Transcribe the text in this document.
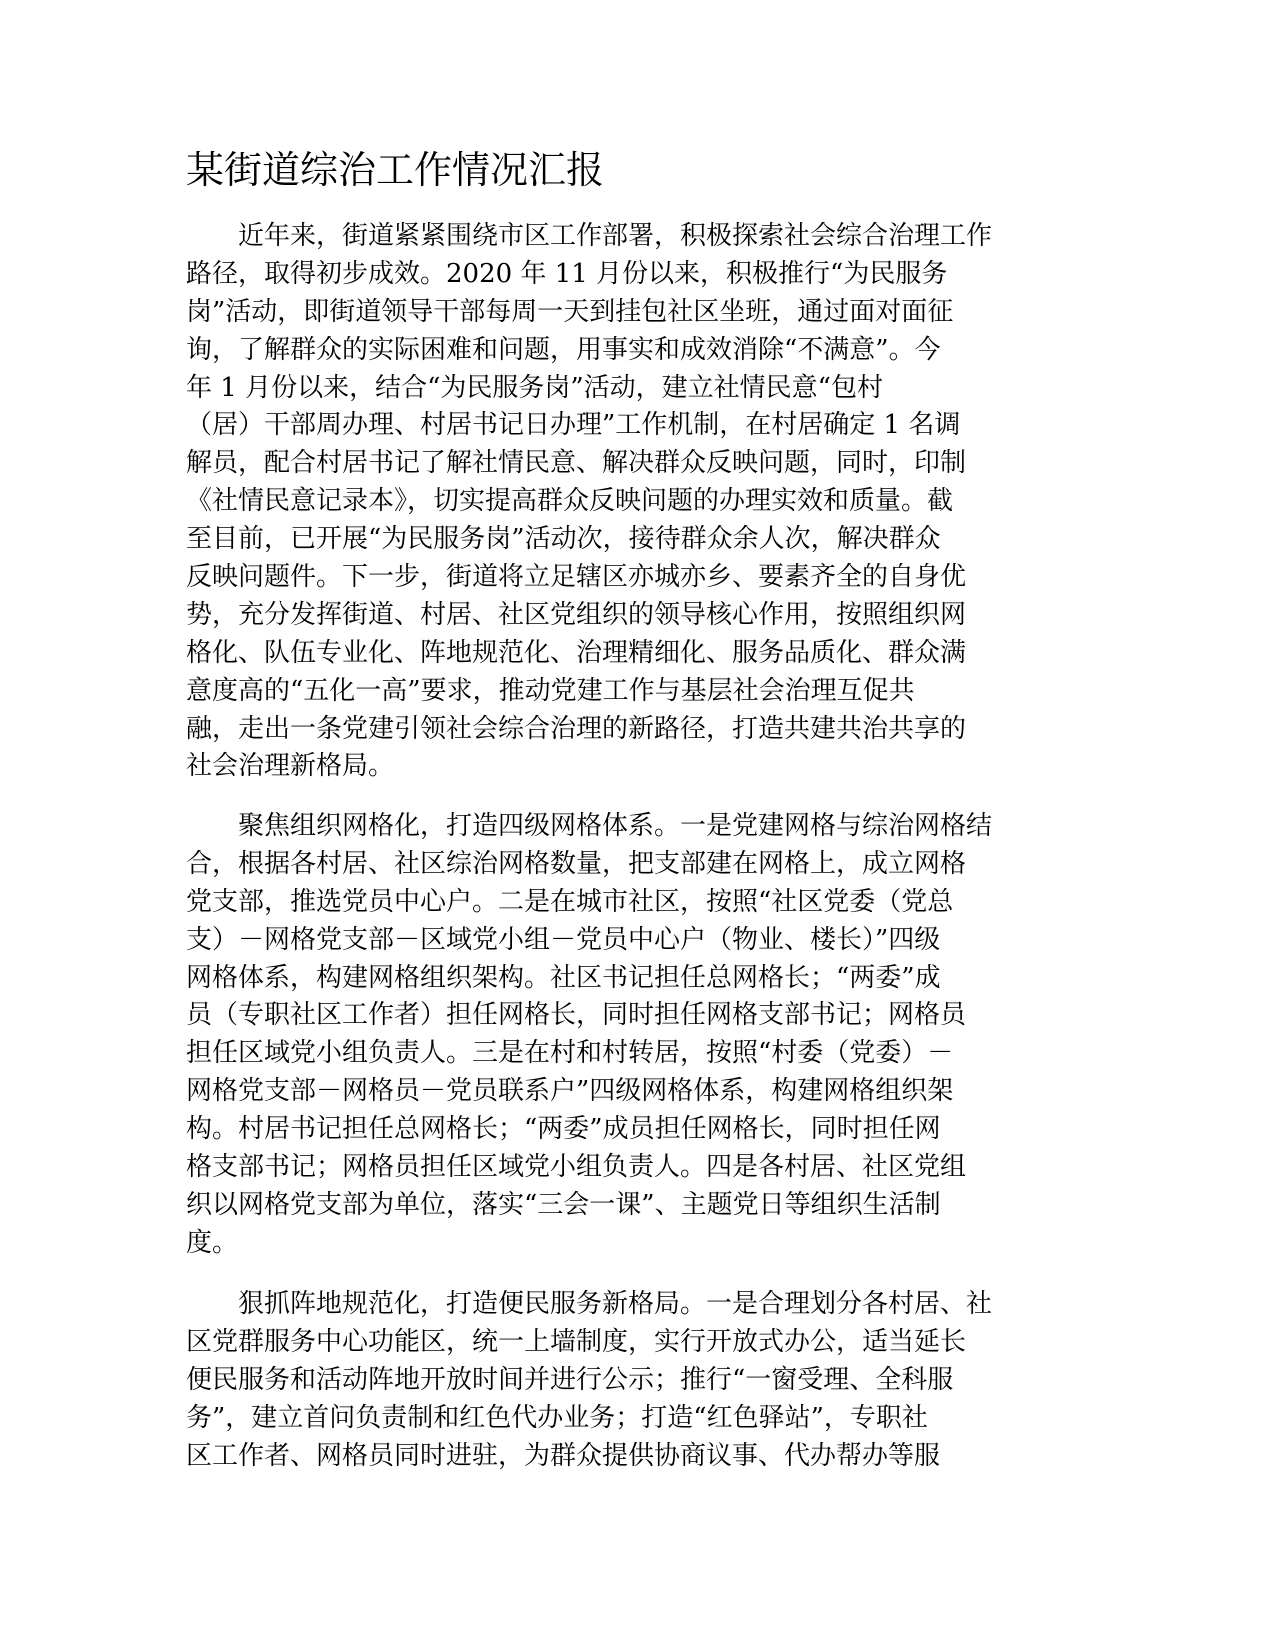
某街道综治工作情况汇报
　　近年来，街道紧紧围绕市区工作部署，积极探索社会综合治理工作
路径，取得初步成效。2020 年 11 月份以来，积极推行“为民服务
岗”活动，即街道领导干部每周一天到挂包社区坐班，通过面对面征
询，了解群众的实际困难和问题，用事实和成效消除“不满意”。今
年 1 月份以来，结合“为民服务岗”活动，建立社情民意“包村
（居）干部周办理、村居书记日办理”工作机制，在村居确定 1 名调
解员，配合村居书记了解社情民意、解决群众反映问题，同时，印制
《社情民意记录本》，切实提高群众反映问题的办理实效和质量。截
至目前，已开展“为民服务岗”活动次，接待群众余人次，解决群众
反映问题件。下一步，街道将立足辖区亦城亦乡、要素齐全的自身优
势，充分发挥街道、村居、社区党组织的领导核心作用，按照组织网
格化、队伍专业化、阵地规范化、治理精细化、服务品质化、群众满
意度高的“五化一高”要求，推动党建工作与基层社会治理互促共
融，走出一条党建引领社会综合治理的新路径，打造共建共治共享的
社会治理新格局。
　　聚焦组织网格化，打造四级网格体系。一是党建网格与综治网格结
合，根据各村居、社区综治网格数量，把支部建在网格上，成立网格
党支部，推选党员中心户。二是在城市社区，按照“社区党委（党总
支）－网格党支部－区域党小组－党员中心户（物业、楼长）”四级
网格体系，构建网格组织架构。社区书记担任总网格长；“两委”成
员（专职社区工作者）担任网格长，同时担任网格支部书记；网格员
担任区域党小组负责人。三是在村和村转居，按照“村委（党委）－
网格党支部－网格员－党员联系户”四级网格体系，构建网格组织架
构。村居书记担任总网格长；“两委”成员担任网格长，同时担任网
格支部书记；网格员担任区域党小组负责人。四是各村居、社区党组
织以网格党支部为单位，落实“三会一课”、主题党日等组织生活制
度。
　　狠抓阵地规范化，打造便民服务新格局。一是合理划分各村居、社
区党群服务中心功能区，统一上墙制度，实行开放式办公，适当延长
便民服务和活动阵地开放时间并进行公示；推行“一窗受理、全科服
务”，建立首问负责制和红色代办业务；打造“红色驿站”，专职社
区工作者、网格员同时进驻，为群众提供协商议事、代办帮办等服
